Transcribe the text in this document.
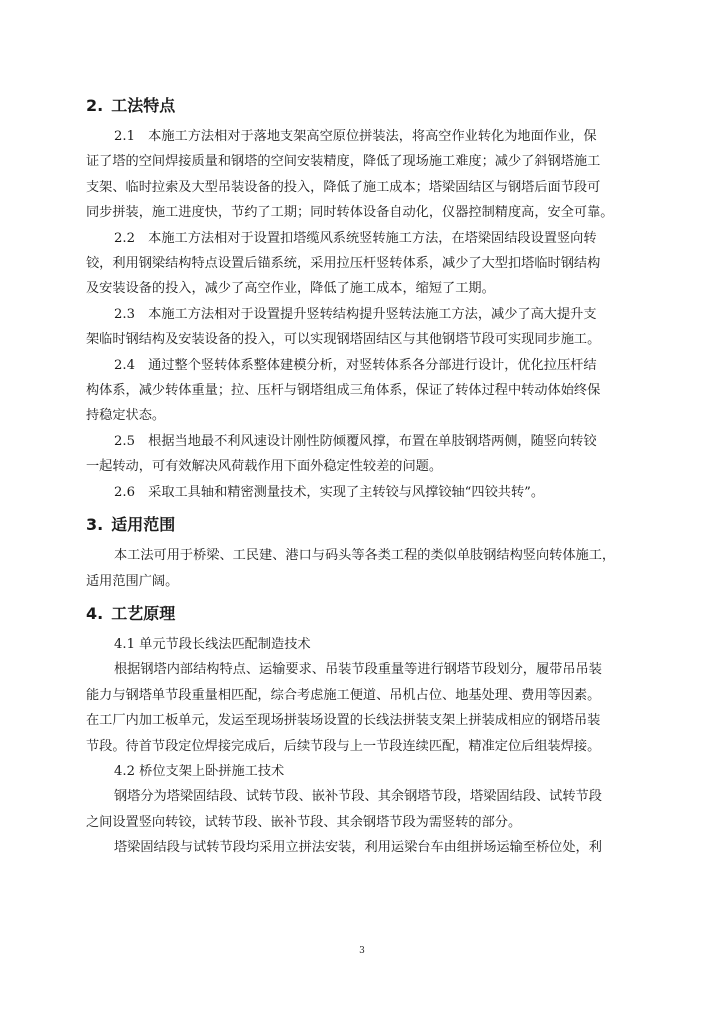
2. 工法特点

2.1　本施工方法相对于落地支架高空原位拼装法，将高空作业转化为地面作业，保
证了塔的空间焊接质量和钢塔的空间安装精度，降低了现场施工难度；减少了斜钢塔施工
支架、临时拉索及大型吊装设备的投入，降低了施工成本；塔梁固结区与钢塔后面节段可
同步拼装，施工进度快，节约了工期；同时转体设备自动化，仪器控制精度高，安全可靠。

2.2　本施工方法相对于设置扣塔缆风系统竖转施工方法，在塔梁固结段设置竖向转
铰，利用钢梁结构特点设置后锚系统，采用拉压杆竖转体系，减少了大型扣塔临时钢结构
及安装设备的投入，减少了高空作业，降低了施工成本，缩短了工期。

2.3　本施工方法相对于设置提升竖转结构提升竖转法施工方法，减少了高大提升支
架临时钢结构及安装设备的投入，可以实现钢塔固结区与其他钢塔节段可实现同步施工。

2.4　通过整个竖转体系整体建模分析，对竖转体系各分部进行设计，优化拉压杆结
构体系，减少转体重量；拉、压杆与钢塔组成三角体系，保证了转体过程中转动体始终保
持稳定状态。

2.5　根据当地最不利风速设计刚性防倾覆风撑，布置在单肢钢塔两侧，随竖向转铰
一起转动，可有效解决风荷载作用下面外稳定性较差的问题。

2.6　采取工具轴和精密测量技术，实现了主转铰与风撑铰轴“四铰共转”。

3. 适用范围

本工法可用于桥梁、工民建、港口与码头等各类工程的类似单肢钢结构竖向转体施工，
适用范围广阔。

4. 工艺原理

4.1 单元节段长线法匹配制造技术

根据钢塔内部结构特点、运输要求、吊装节段重量等进行钢塔节段划分，履带吊吊装
能力与钢塔单节段重量相匹配，综合考虑施工便道、吊机占位、地基处理、费用等因素。
在工厂内加工板单元，发运至现场拼装场设置的长线法拼装支架上拼装成相应的钢塔吊装
节段。待首节段定位焊接完成后，后续节段与上一节段连续匹配，精准定位后组装焊接。

4.2 桥位支架上卧拼施工技术

钢塔分为塔梁固结段、试转节段、嵌补节段、其余钢塔节段，塔梁固结段、试转节段
之间设置竖向转铰，试转节段、嵌补节段、其余钢塔节段为需竖转的部分。

塔梁固结段与试转节段均采用立拼法安装，利用运梁台车由组拼场运输至桥位处，利

3
